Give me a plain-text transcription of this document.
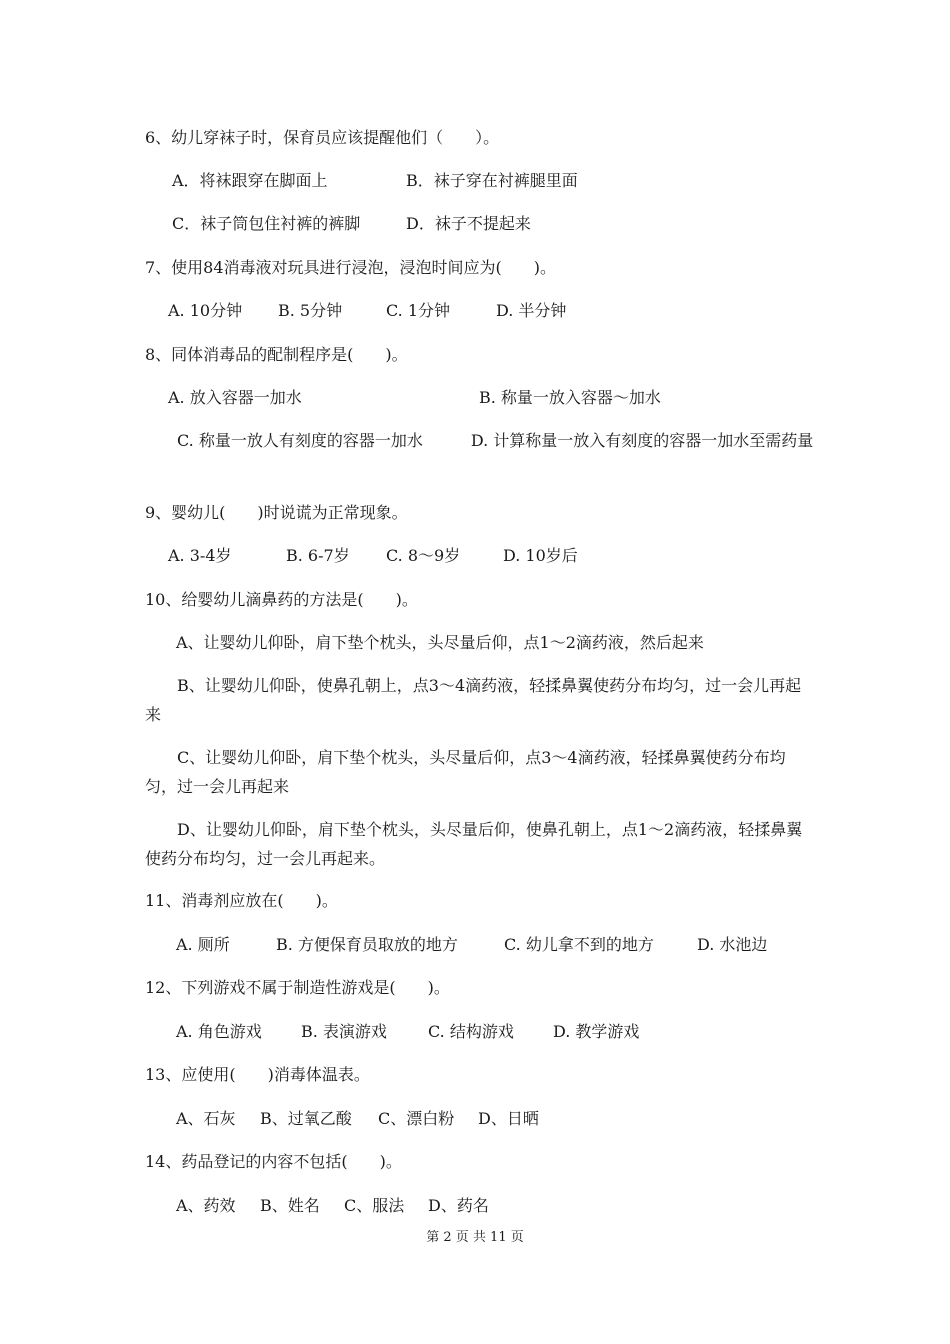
6、幼儿穿袜子时，保育员应该提醒他们（　　）。
A．将袜跟穿在脚面上	B．袜子穿在衬裤腿里面
C．袜子筒包住衬裤的裤脚	D．袜子不提起来
7、使用84消毒液对玩具进行浸泡，浸泡时间应为(　　)。
A. 10分钟 B. 5分钟	C. 1分钟	D. 半分钟
8、同体消毒品的配制程序是(　　)。
A. 放入容器一加水	B. 称量一放入容器～加水
C. 称量一放人有刻度的容器一加水　　　D. 计算称量一放入有刻度的容器一加水至需药量
9、婴幼儿(　　)时说谎为正常现象。
A. 3-4岁	B. 6-7岁 C. 8～9岁	D. 10岁后
10、给婴幼儿滴鼻药的方法是(　　)。
A、让婴幼儿仰卧，肩下垫个枕头，头尽量后仰，点1～2滴药液，然后起来
B、让婴幼儿仰卧，使鼻孔朝上，点3～4滴药液，轻揉鼻翼使药分布均匀，过一会儿再起来
C、让婴幼儿仰卧，肩下垫个枕头，头尽量后仰，点3～4滴药液，轻揉鼻翼使药分布均匀，过一会儿再起来
D、让婴幼儿仰卧，肩下垫个枕头，头尽量后仰，使鼻孔朝上，点1～2滴药液，轻揉鼻翼使药分布均匀，过一会儿再起来。
11、消毒剂应放在(　　)。
A. 厕所	B. 方便保育员取放的地方	C. 幼儿拿不到的地方	D. 水池边
12、下列游戏不属于制造性游戏是(　　)。
A. 角色游戏 B. 表演游戏	C. 结构游戏 D. 教学游戏
13、应使用(　　)消毒体温表。
A、石灰 B、过氧乙酸 C、漂白粉 D、日晒
14、药品登记的内容不包括(　　)。
A、药效 B、姓名 C、服法 D、药名
第 2 页 共 11 页
